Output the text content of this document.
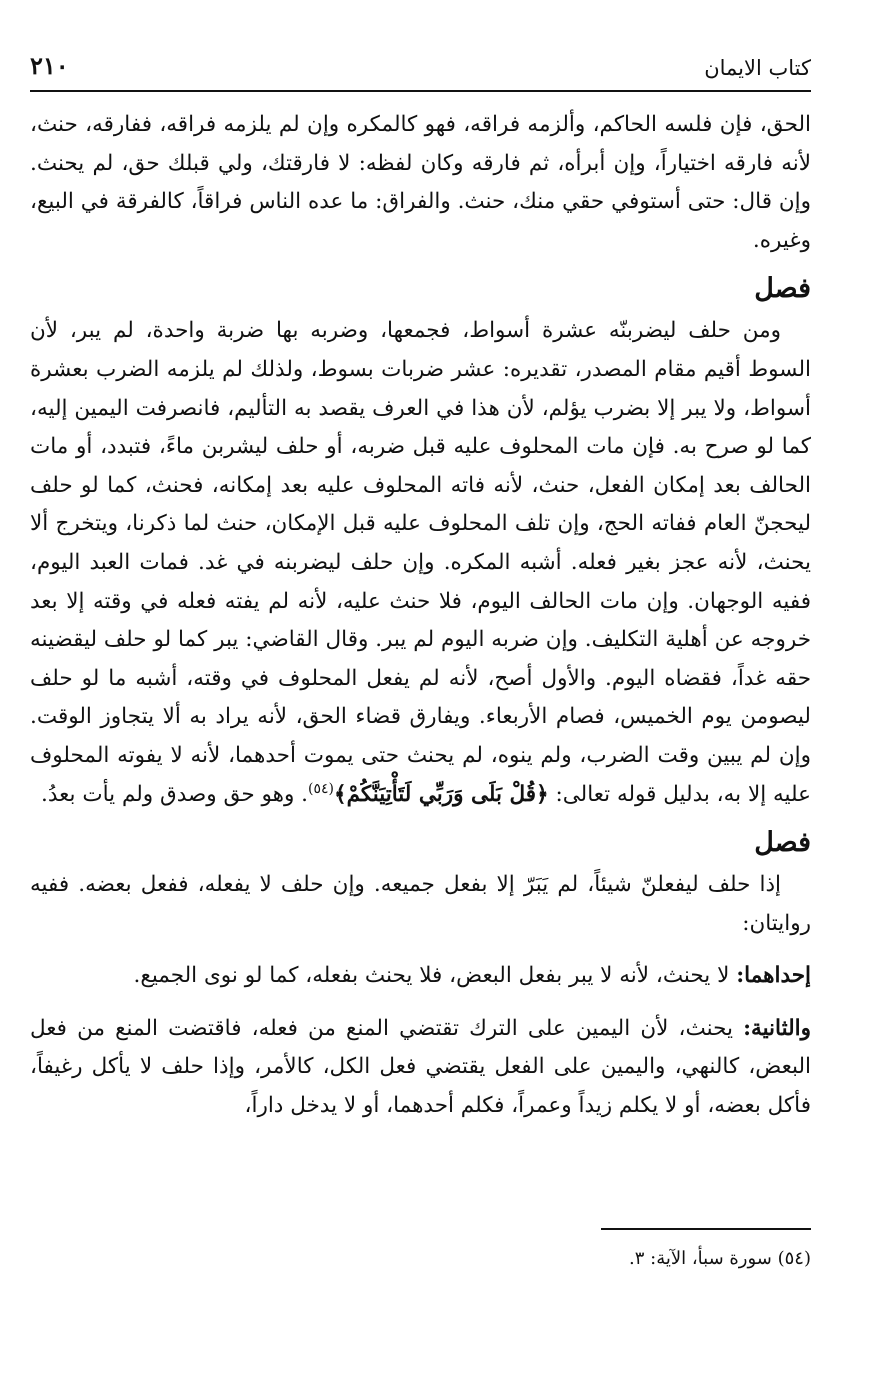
كتاب الايمان
٢١٠

الحق، فإن فلسه الحاكم، وألزمه فراقه، فهو كالمكره وإن لم يلزمه فراقه، ففارقه، حنث، لأنه فارقه اختياراً، وإن أبرأه، ثم فارقه وكان لفظه: لا فارقتك، ولي قبلك حق، لم يحنث. وإن قال: حتى أستوفي حقي منك، حنث. والفراق: ما عده الناس فراقاً، كالفرقة في البيع، وغيره.

فصل

ومن حلف ليضربنّه عشرة أسواط، فجمعها، وضربه بها ضربة واحدة، لم يبر، لأن السوط أقيم مقام المصدر، تقديره: عشر ضربات بسوط، ولذلك لم يلزمه الضرب بعشرة أسواط، ولا يبر إلا بضرب يؤلم، لأن هذا في العرف يقصد به التأليم، فانصرفت اليمين إليه، كما لو صرح به. فإن مات المحلوف عليه قبل ضربه، أو حلف ليشربن ماءً، فتبدد، أو مات الحالف بعد إمكان الفعل، حنث، لأنه فاته المحلوف عليه بعد إمكانه، فحنث، كما لو حلف ليحجنّ العام ففاته الحج، وإن تلف المحلوف عليه قبل الإمكان، حنث لما ذكرنا، ويتخرج ألا يحنث، لأنه عجز بغير فعله. أشبه المكره. وإن حلف ليضربنه في غد. فمات العبد اليوم، ففيه الوجهان. وإن مات الحالف اليوم، فلا حنث عليه، لأنه لم يفته فعله في وقته إلا بعد خروجه عن أهلية التكليف. وإن ضربه اليوم لم يبر. وقال القاضي: يبر كما لو حلف ليقضينه حقه غداً، فقضاه اليوم. والأول أصح، لأنه لم يفعل المحلوف في وقته، أشبه ما لو حلف ليصومن يوم الخميس، فصام الأربعاء. ويفارق قضاء الحق، لأنه يراد به ألا يتجاوز الوقت. وإن لم يبين وقت الضرب، ولم ينوه، لم يحنث حتى يموت أحدهما، لأنه لا يفوته المحلوف عليه إلا به، بدليل قوله تعالى: ﴿قُلْ بَلَى وَرَبِّي لَتَأْتِيَنَّكُمْ﴾$^{(٥٤)}$. وهو حق وصدق ولم يأت بعدُ.

فصل

إذا حلف ليفعلنّ شيئاً، لم يَبَرّ إلا بفعل جميعه. وإن حلف لا يفعله، ففعل بعضه. ففيه روايتان:

إحداهما: لا يحنث، لأنه لا يبر بفعل البعض، فلا يحنث بفعله، كما لو نوى الجميع.

والثانية: يحنث، لأن اليمين على الترك تقتضي المنع من فعله، فاقتضت المنع من فعل البعض، كالنهي، واليمين على الفعل يقتضي فعل الكل، كالأمر، وإذا حلف لا يأكل رغيفاً، فأكل بعضه، أو لا يكلم زيداً وعمراً، فكلم أحدهما، أو لا يدخل داراً،

(٥٤) سورة سبأ، الآية: ٣.
